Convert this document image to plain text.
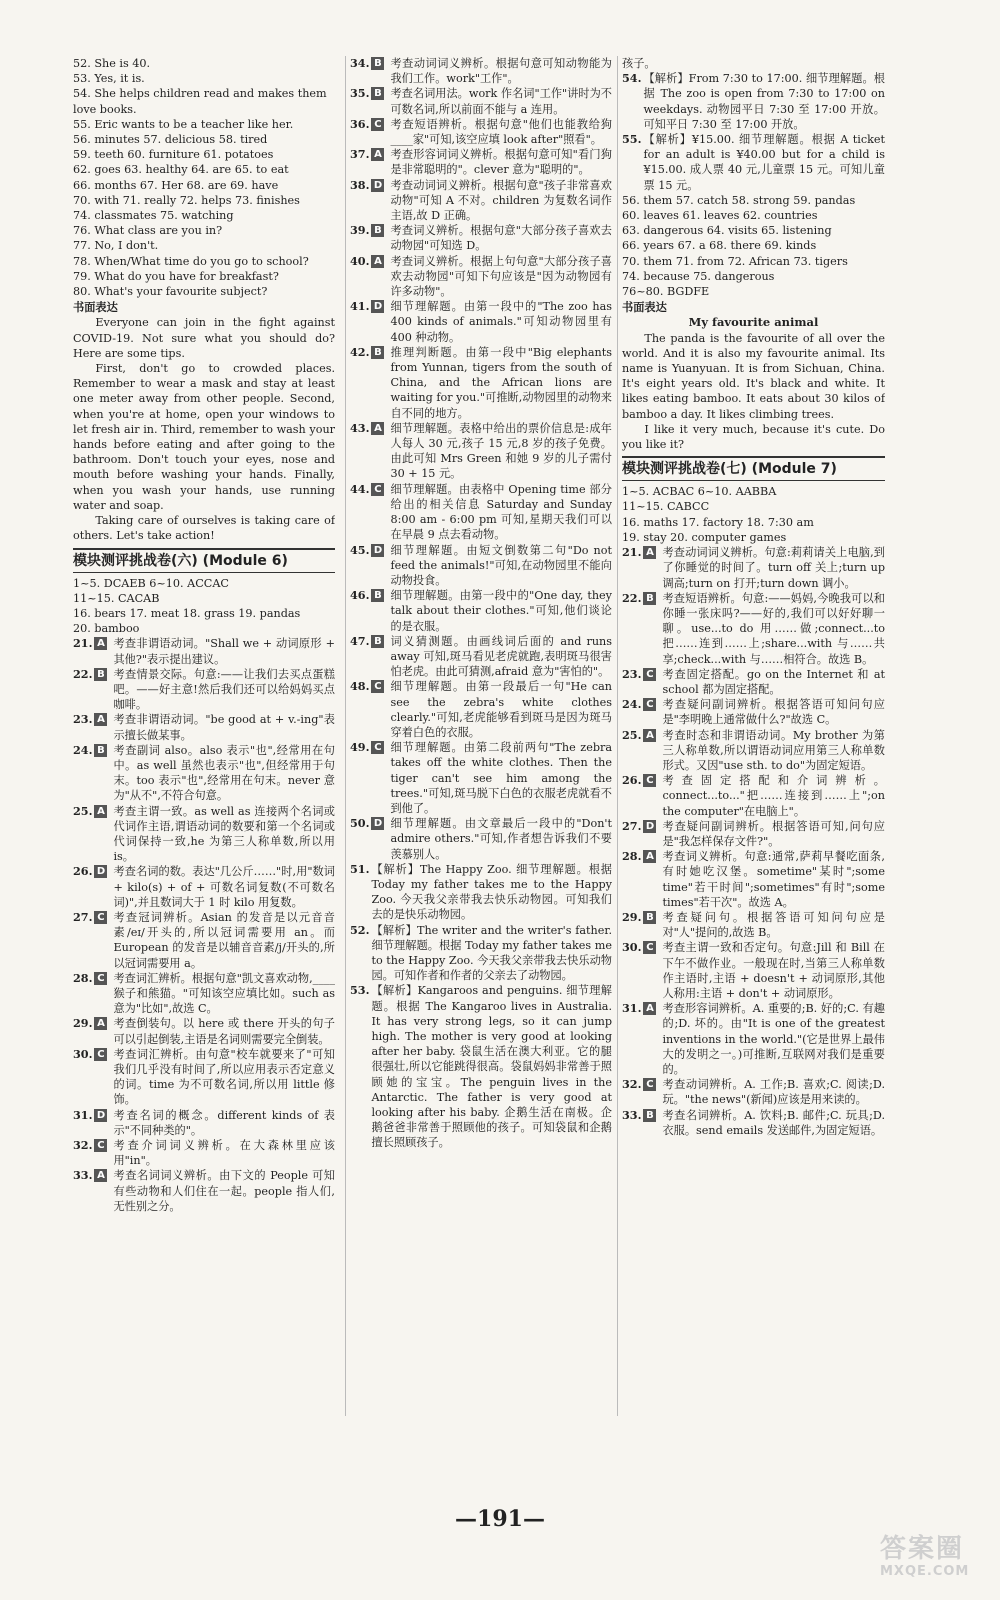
52. She is 40.
53. Yes, it is.
54. She helps children read and makes them love books.
55. Eric wants to be a teacher like her.
56. minutes 57. delicious 58. tired
59. teeth 60. furniture 61. potatoes
62. goes 63. healthy 64. are 65. to eat
66. months 67. Her 68. are 69. have
70. with 71. really 72. helps 73. finishes
74. classmates 75. watching
76. What class are you in?
77. No, I don't.
78. When/What time do you go to school?
79. What do you have for breakfast?
80. What's your favourite subject?
书面表达

Everyone can join in the fight against COVID-19. Not sure what you should do? Here are some tips.

First, don't go to crowded places. Remember to wear a mask and stay at least one meter away from other people. Second, when you're at home, open your windows to let fresh air in. Third, remember to wash your hands before eating and after going to the bathroom. Don't touch your eyes, nose and mouth before washing your hands. Finally, when you wash your hands, use running water and soap.

Taking care of ourselves is taking care of others. Let's take action!

模块测评挑战卷(六) (Module 6)
1~5. DCAEB 6~10. ACCAC
11~15. CACAB
16. bears 17. meat 18. grass 19. pandas
20. bamboo
21. A 考查非谓语动词。"Shall we + 动词原形 + 其他?"表示提出建议。
22. B 考查情景交际。句意:——让我们去买点蛋糕吧。——好主意!然后我们还可以给妈妈买点咖啡。
23. A 考查非谓语动词。"be good at + v.-ing"表示擅长做某事。
24. B 考查副词 also。also 表示"也",经常用在句中。as well 虽然也表示"也",但经常用于句末。too 表示"也",经常用在句末。never 意为"从不",不符合句意。
25. A 考查主谓一致。as well as 连接两个名词或代词作主语,谓语动词的数要和第一个名词或代词保持一致,he 为第三人称单数,所以用 is。
26. D 考查名词的数。表达"几公斤……"时,用"数词 + kilo(s) + of + 可数名词复数(不可数名词)",并且数词大于 1 时 kilo 用复数。
27. C 考查冠词辨析。Asian 的发音是以元音音素/eɪ/开头的,所以冠词需要用 an。而 European 的发音是以辅音音素/j/开头的,所以冠词需要用 a。
28. C 考查词汇辨析。根据句意"凯文喜欢动物,____猴子和熊猫。"可知该空应填比如。such as 意为"比如",故选 C。
29. A 考查倒装句。以 here 或 there 开头的句子可以引起倒装,主语是名词则需要完全倒装。
30. C 考查词汇辨析。由句意"校车就要来了"可知我们几乎没有时间了,所以应用表示否定意义的词。time 为不可数名词,所以用 little 修饰。
31. D 考查名词的概念。different kinds of 表示"不同种类的"。
32. C 考查介词词义辨析。在大森林里应该用"in"。
33. A 考查名词词义辨析。由下文的 People 可知有些动物和人们住在一起。people 指人们,无性别之分。
34. B 考查动词词义辨析。根据句意可知动物能为我们工作。work"工作"。
35. B 考查名词用法。work 作名词"工作"讲时为不可数名词,所以前面不能与 a 连用。
36. C 考查短语辨析。根据句意"他们也能教给狗____家"可知,该空应填 look after"照看"。
37. A 考查形容词词义辨析。根据句意可知"看门狗是非常聪明的"。clever 意为"聪明的"。
38. D 考查动词词义辨析。根据句意"孩子非常喜欢动物"可知 A 不对。children 为复数名词作主语,故 D 正确。
39. B 考查词义辨析。根据句意"大部分孩子喜欢去动物园"可知选 D。
40. A 考查词义辨析。根据上句句意"大部分孩子喜欢去动物园"可知下句应该是"因为动物园有许多动物"。
41. D 细节理解题。由第一段中的"The zoo has 400 kinds of animals."可知动物园里有 400 种动物。
42. B 推理判断题。由第一段中"Big elephants from Yunnan, tigers from the south of China, and the African lions are waiting for you."可推断,动物园里的动物来自不同的地方。
43. A 细节理解题。表格中给出的票价信息是:成年人每人 30 元,孩子 15 元,8 岁的孩子免费。由此可知 Mrs Green 和她 9 岁的儿子需付 30 + 15 元。
44. C 细节理解题。由表格中 Opening time 部分给出的相关信息 Saturday and Sunday 8:00 am - 6:00 pm 可知,星期天我们可以在早晨 9 点去看动物。
45. D 细节理解题。由短文倒数第二句"Do not feed the animals!"可知,在动物园里不能向动物投食。
46. B 细节理解题。由第一段中的"One day, they talk about their clothes."可知,他们谈论的是衣服。
47. B 词义猜测题。由画线词后面的 and runs away 可知,斑马看见老虎就跑,表明斑马很害怕老虎。由此可猜测,afraid 意为"害怕的"。
48. C 细节理解题。由第一段最后一句"He can see the zebra's white clothes clearly."可知,老虎能够看到斑马是因为斑马穿着白色的衣服。
49. C 细节理解题。由第二段前两句"The zebra takes off the white clothes. Then the tiger can't see him among the trees."可知,斑马脱下白色的衣服老虎就看不到他了。
50. D 细节理解题。由文章最后一段中的"Don't admire others."可知,作者想告诉我们不要羡慕别人。
51. 【解析】The Happy Zoo. 细节理解题。根据 Today my father takes me to the Happy Zoo. 今天我父亲带我去快乐动物园。可知我们去的是快乐动物园。
52. 【解析】The writer and the writer's father. 细节理解题。根据 Today my father takes me to the Happy Zoo. 今天我父亲带我去快乐动物园。可知作者和作者的父亲去了动物园。
53. 【解析】Kangaroos and penguins. 细节理解题。根据 The Kangaroo lives in Australia. It has very strong legs, so it can jump high. The mother is very good at looking after her baby. 袋鼠生活在澳大利亚。它的腿很强壮,所以它能跳得很高。袋鼠妈妈非常善于照顾她的宝宝。The penguin lives in the Antarctic. The father is very good at looking after his baby. 企鹅生活在南极。企鹅爸爸非常善于照顾他的孩子。可知袋鼠和企鹅擅长照顾孩子。
孩子。
54. 【解析】From 7:30 to 17:00. 细节理解题。根据 The zoo is open from 7:30 to 17:00 on weekdays. 动物园平日 7:30 至 17:00 开放。可知平日 7:30 至 17:00 开放。
55. 【解析】¥15.00. 细节理解题。根据 A ticket for an adult is ¥40.00 but for a child is ¥15.00. 成人票 40 元,儿童票 15 元。可知儿童票 15 元。
56. them 57. catch 58. strong 59. pandas
60. leaves 61. leaves 62. countries
63. dangerous 64. visits 65. listening
66. years 67. a 68. there 69. kinds
70. them 71. from 72. African 73. tigers
74. because 75. dangerous
76~80. BGDFE
书面表达
My favourite animal

The panda is the favourite of all over the world. And it is also my favourite animal. Its name is Yuanyuan. It is from Sichuan, China. It's eight years old. It's black and white. It likes eating bamboo. It eats about 30 kilos of bamboo a day. It likes climbing trees.

I like it very much, because it's cute. Do you like it?

模块测评挑战卷(七) (Module 7)
1~5. ACBAC 6~10. AABBA
11~15. CABCC
16. maths 17. factory 18. 7:30 am
19. stay 20. computer games
21. A 考查动词词义辨析。句意:莉莉请关上电脑,到了你睡觉的时间了。turn off 关上;turn up 调高;turn on 打开;turn down 调小。
22. B 考查短语辨析。句意:——妈妈,今晚我可以和你睡一张床吗?——好的,我们可以好好聊一聊。use...to do 用……做;connect...to 把……连到……上;share...with 与……共享;check...with 与……相符合。故选 B。
23. C 考查固定搭配。go on the Internet 和 at school 都为固定搭配。
24. C 考查疑问副词辨析。根据答语可知问句应是"李明晚上通常做什么?"故选 C。
25. A 考查时态和非谓语动词。My brother 为第三人称单数,所以谓语动词应用第三人称单数形式。又因"use sth. to do"为固定短语。
26. C 考查固定搭配和介词辨析。connect...to..."把……连接到……上";on the computer"在电脑上"。
27. D 考查疑问副词辨析。根据答语可知,问句应是"我怎样保存文件?"。
28. A 考查词义辨析。句意:通常,萨莉早餐吃面条,有时她吃汉堡。sometime"某时";some time"若干时间";sometimes"有时";some times"若干次"。故选 A。
29. B 考查疑问句。根据答语可知问句应是对"人"提问的,故选 B。
30. C 考查主谓一致和否定句。句意:Jill 和 Bill 在下午不做作业。一般现在时,当第三人称单数作主语时,主语 + doesn't + 动词原形,其他人称用:主语 + don't + 动词原形。
31. A 考查形容词辨析。A. 重要的;B. 好的;C. 有趣的;D. 坏的。由"It is one of the greatest inventions in the world."(它是世界上最伟大的发明之一。)可推断,互联网对我们是重要的。
32. C 考查动词辨析。A. 工作;B. 喜欢;C. 阅读;D. 玩。"the news"(新闻)应该是用来读的。
33. B 考查名词辨析。A. 饮料;B. 邮件;C. 玩具;D. 衣服。send emails 发送邮件,为固定短语。
—191—
答案圈
MXQE.COM
